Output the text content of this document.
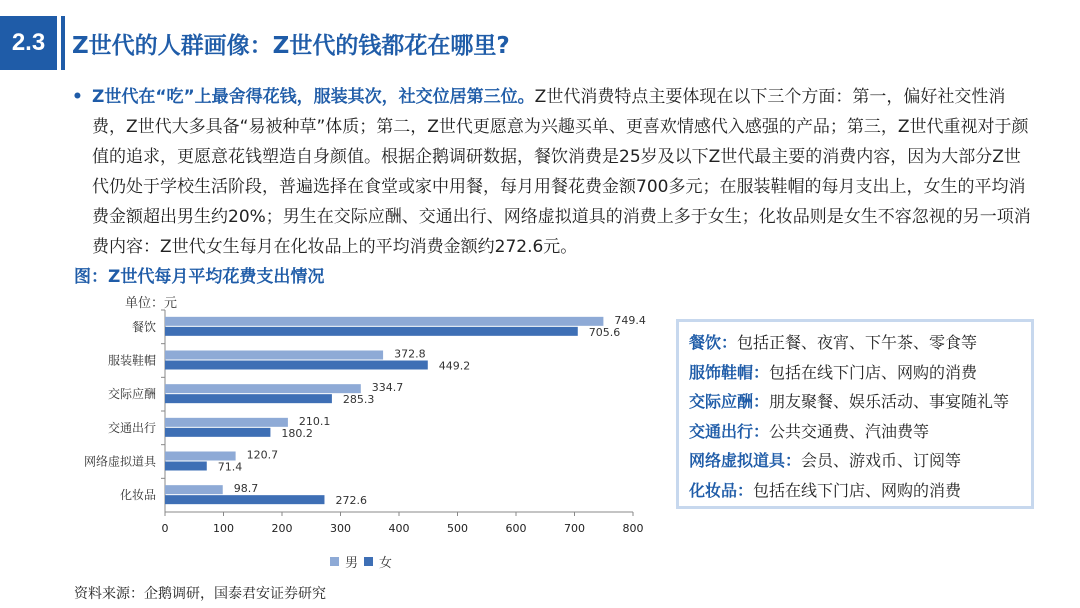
2.3	Z世代的人群画像：Z世代的钱都花在哪里?
• Z世代在“吃”上最舍得花钱，服装其次，社交位居第三位。Z世代消费特点主要体现在以下三个方面：第一，偏好社交性消费，Z世代大多具备“易被种草”体质；第二，Z世代更愿意为兴趣买单、更喜欢情感代入感强的产品；第三，Z世代重视对于颜值的追求，更愿意花钱塑造自身颜值。根据企鹅调研数据，餐饮消费是25岁及以下Z世代最主要的消费内容，因为大部分Z世代仍处于学校生活阶段，普遍选择在食堂或家中用餐，每月用餐花费金额700多元；在服装鞋帽的每月支出上，女生的平均消费金额超出男生约20%；男生在交际应酬、交通出行、网络虚拟道具的消费上多于女生；化妆品则是女生不容忽视的另一项消费内容：Z世代女生每月在化妆品上的平均消费金额约272.6元。
图：Z世代每月平均花费支出情况
单位：元
0	100	200	300	400	500	600	700	800
餐饮	749.4
705.6
服装鞋帽	372.8
449.2
交际应酬	334.7
285.3
交通出行	210.1
180.2
网络虚拟道具	120.7
71.4
化妆品	98.7
272.6
男 女
资料来源：企鹅调研，国泰君安证券研究
餐饮：包括正餐、夜宵、下午茶、零食等
服饰鞋帽：包括在线下门店、网购的消费
交际应酬：朋友聚餐、娱乐活动、事宴随礼等
交通出行：公共交通费、汽油费等
网络虚拟道具：会员、游戏币、订阅等
化妆品：包括在线下门店、网购的消费
